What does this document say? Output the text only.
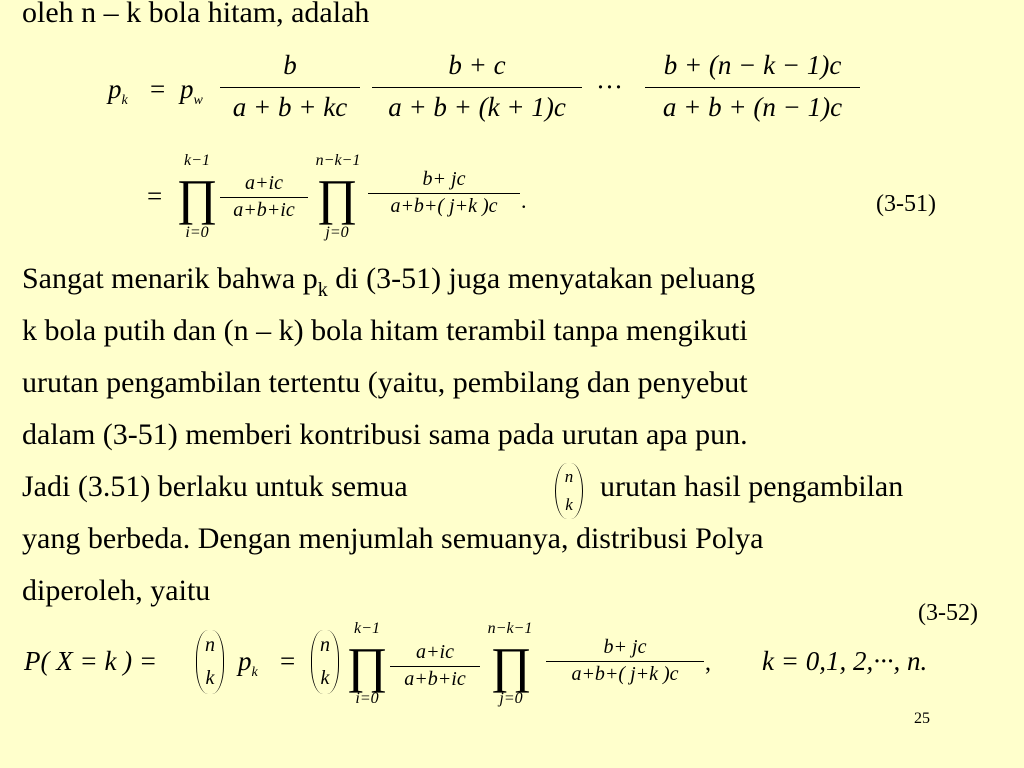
oleh n – k bola hitam, adalah
$p_k = p_w$
b
a + b + kc
b + c
a + b + (k + 1)c
···
b + (n − k − 1)c
a + b + (n − 1)c
=
k−1
∏
i=0
a+ic
a+b+ic
n−k−1
∏
j=0
b+ jc
a+b+( j+k )c	.	(3-51)
Sangat menarik bahwa $p_k$ di (3-51) juga menyatakan peluang
k bola putih dan (n – k) bola hitam terambil tanpa mengikuti
urutan pengambilan tertentu (yaitu, pembilang dan penyebut
dalam (3-51) memberi kontribusi sama pada urutan apa pun.
Jadi (3.51) berlaku untuk semua	n
k
urutan hasil pengambilan
yang berbeda. Dengan menjumlah semuanya, distribusi Polya
diperoleh, yaitu
(3-52)
P( X = k ) =
n
k
$p_k$ =
n
k
k−1
∏
i=0
a+ic
a+b+ic
n−k−1
∏
j=0
b+ jc
a+b+( j+k )c	, k = 0,1, 2,···, n.
25
